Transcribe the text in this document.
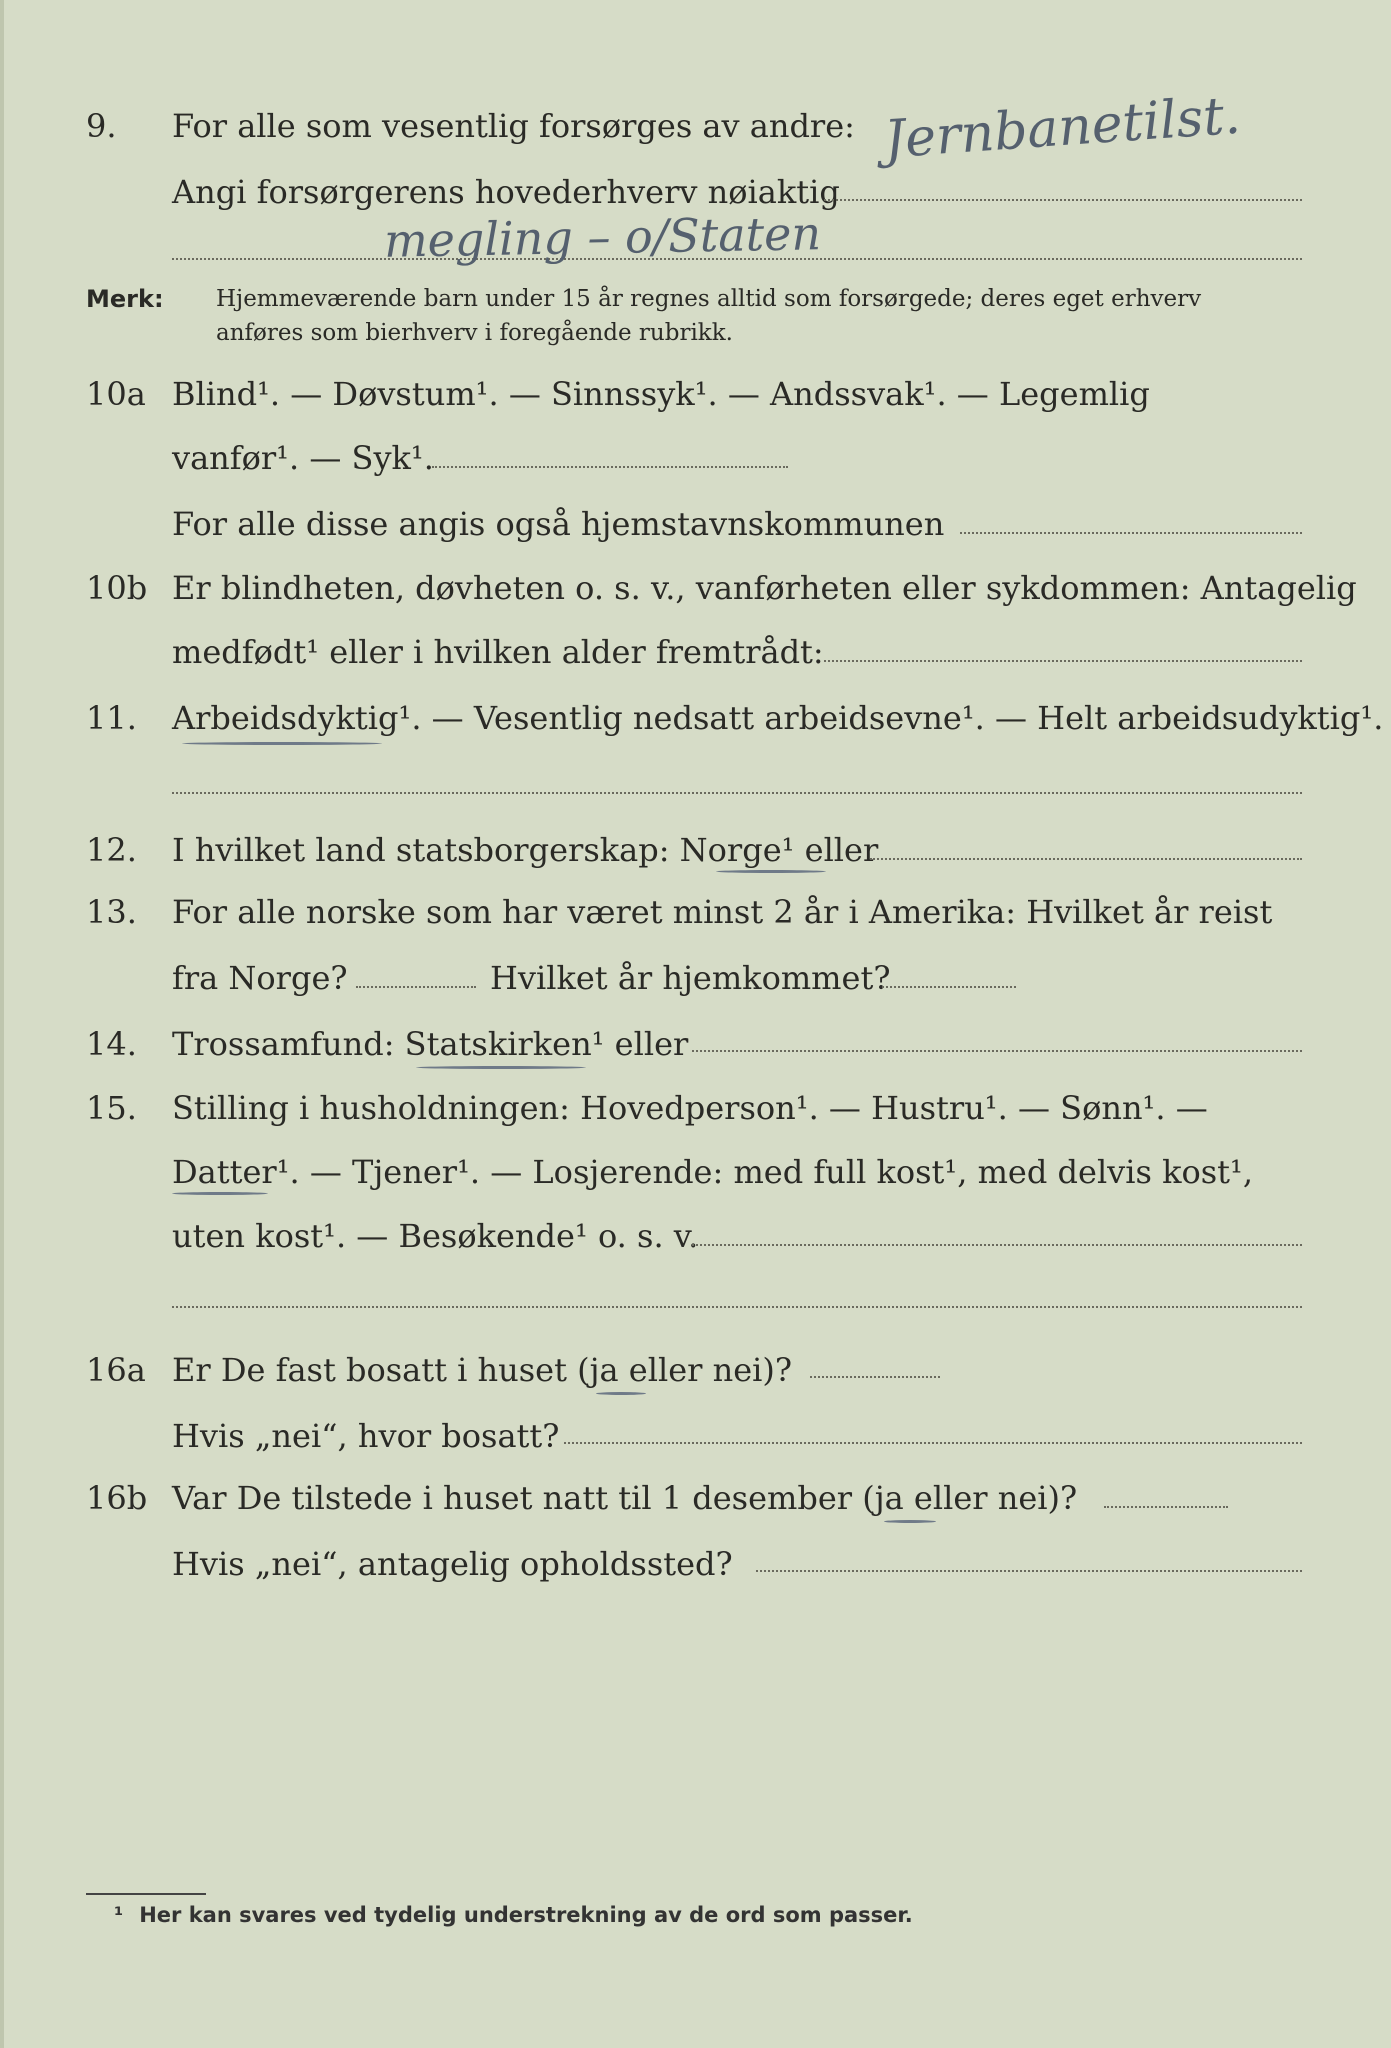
9. For alle som vesentlig forsørges av andre:
Angi forsørgerens hovederhverv nøiaktig
Jernbanetilst.
megling – o/Staten
Merk: Hjemmeværende barn under 15 år regnes alltid som forsørgede; deres eget erhverv
anføres som bierhverv i foregående rubrikk.
10a Blind¹. — Døvstum¹. — Sinnssyk¹. — Andssvak¹. — Legemlig
vanfør¹. — Syk¹.
For alle disse angis også hjemstavnskommunen
10b Er blindheten, døvheten o. s. v., vanførheten eller sykdommen: Antagelig
medfødt¹ eller i hvilken alder fremtrådt:
11. Arbeidsdyktig¹. — Vesentlig nedsatt arbeidsevne¹. — Helt arbeidsudyktig¹.
12. I hvilket land statsborgerskap: Norge¹ eller
13. For alle norske som har været minst 2 år i Amerika: Hvilket år reist
fra Norge?	Hvilket år hjemkommet?
14. Trossamfund: Statskirken¹ eller
15. Stilling i husholdningen: Hovedperson¹. — Hustru¹. — Sønn¹. —
Datter¹. — Tjener¹. — Losjerende: med full kost¹, med delvis kost¹,
uten kost¹. — Besøkende¹ o. s. v.
16a Er De fast bosatt i huset (ja eller nei)?
Hvis „nei“, hvor bosatt?
16b Var De tilstede i huset natt til 1 desember (ja eller nei)?
Hvis „nei“, antagelig opholdssted?
¹ Her kan svares ved tydelig understrekning av de ord som passer.
